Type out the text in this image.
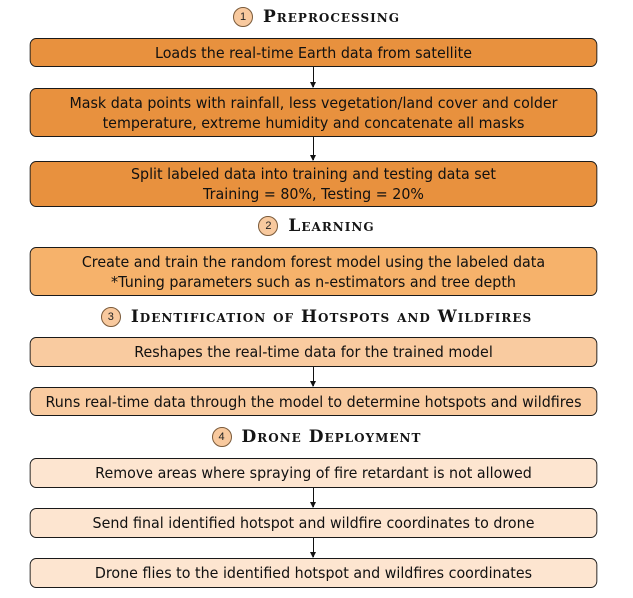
1 Preprocessing
Loads the real-time Earth data from satellite
Mask data points with rainfall, less vegetation/land cover and colder
temperature, extreme humidity and concatenate all masks
Split labeled data into training and testing data set
Training = 80%, Testing = 20%
2 Learning
Create and train the random forest model using the labeled data
*Tuning parameters such as n-estimators and tree depth
3 Identification of Hotspots and Wildfires
Reshapes the real-time data for the trained model
Runs real-time data through the model to determine hotspots and wildfires
4 Drone Deployment
Remove areas where spraying of fire retardant is not allowed
Send final identified hotspot and wildfire coordinates to drone
Drone flies to the identified hotspot and wildfires coordinates
